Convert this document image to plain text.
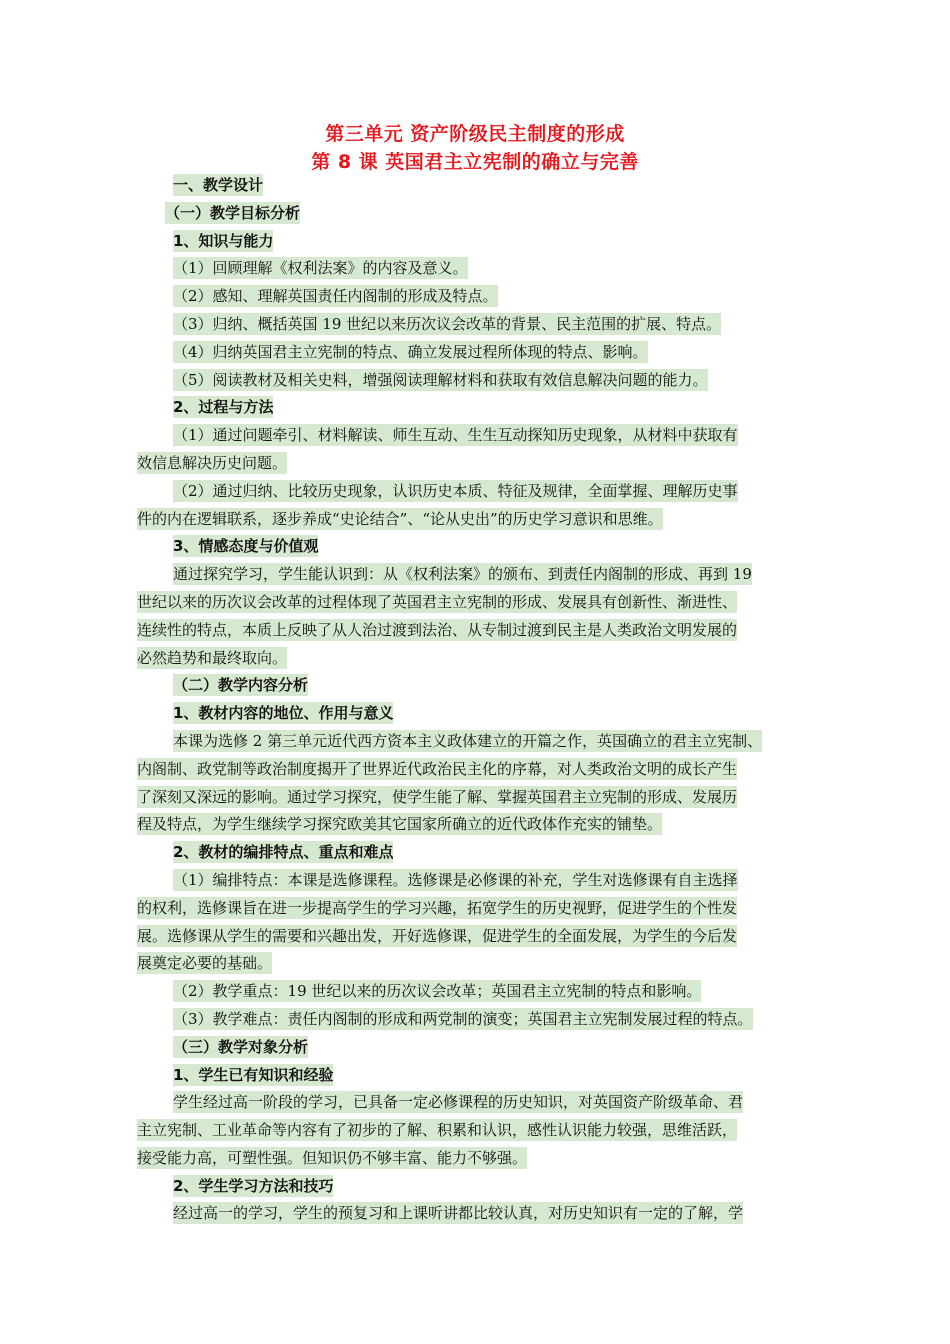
第三单元 资产阶级民主制度的形成
第 8 课 英国君主立宪制的确立与完善
一、教学设计
（一）教学目标分析
1、知识与能力
（1）回顾理解《权利法案》的内容及意义。
（2）感知、理解英国责任内阁制的形成及特点。
（3）归纳、概括英国 19 世纪以来历次议会改革的背景、民主范围的扩展、特点。
（4）归纳英国君主立宪制的特点、确立发展过程所体现的特点、影响。
（5）阅读教材及相关史料，增强阅读理解材料和获取有效信息解决问题的能力。
2、过程与方法
（1）通过问题牵引、材料解读、师生互动、生生互动探知历史现象，从材料中获取有
效信息解决历史问题。
（2）通过归纳、比较历史现象，认识历史本质、特征及规律，全面掌握、理解历史事
件的内在逻辑联系，逐步养成“史论结合”、“论从史出”的历史学习意识和思维。
3、情感态度与价值观
通过探究学习，学生能认识到：从《权利法案》的颁布、到责任内阁制的形成、再到 19
世纪以来的历次议会改革的过程体现了英国君主立宪制的形成、发展具有创新性、渐进性、
连续性的特点，本质上反映了从人治过渡到法治、从专制过渡到民主是人类政治文明发展的
必然趋势和最终取向。
（二）教学内容分析
1、教材内容的地位、作用与意义
本课为选修 2 第三单元近代西方资本主义政体建立的开篇之作，英国确立的君主立宪制、
内阁制、政党制等政治制度揭开了世界近代政治民主化的序幕，对人类政治文明的成长产生
了深刻又深远的影响。通过学习探究，使学生能了解、掌握英国君主立宪制的形成、发展历
程及特点，为学生继续学习探究欧美其它国家所确立的近代政体作充实的铺垫。
2、教材的编排特点、重点和难点
（1）编排特点：本课是选修课程。选修课是必修课的补充，学生对选修课有自主选择
的权利，选修课旨在进一步提高学生的学习兴趣，拓宽学生的历史视野，促进学生的个性发
展。选修课从学生的需要和兴趣出发，开好选修课，促进学生的全面发展，为学生的今后发
展奠定必要的基础。
（2）教学重点：19 世纪以来的历次议会改革；英国君主立宪制的特点和影响。
（3）教学难点：责任内阁制的形成和两党制的演变；英国君主立宪制发展过程的特点。
（三）教学对象分析
1、学生已有知识和经验
学生经过高一阶段的学习，已具备一定必修课程的历史知识，对英国资产阶级革命、君
主立宪制、工业革命等内容有了初步的了解、积累和认识，感性认识能力较强，思维活跃，
接受能力高，可塑性强。但知识仍不够丰富、能力不够强。
2、学生学习方法和技巧
经过高一的学习，学生的预复习和上课听讲都比较认真，对历史知识有一定的了解，学
